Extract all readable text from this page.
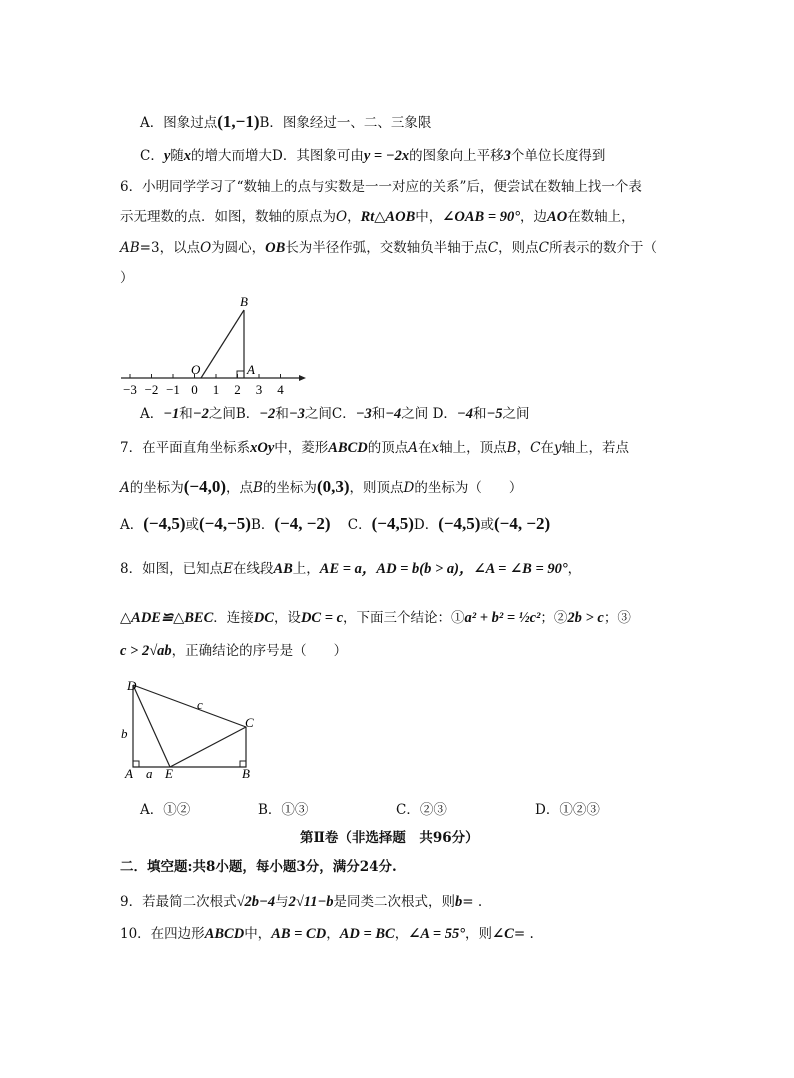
A．图象过点(1,−1)B．图象经过一、二、三象限
C．y随x的增大而增大D．其图象可由y = −2x的图象向上平移3个单位长度得到
6．小明同学学习了“数轴上的点与实数是一一对应的关系”后，便尝试在数轴上找一个表
示无理数的点．如图，数轴的原点为O，Rt△AOB中，∠OAB = 90°，边AO在数轴上，
AB=3，以点O为圆心，OB长为半径作弧，交数轴负半轴于点C，则点C所表示的数介于（
）
B
O	A
−3 −2 −1 0 1 2 3 4
A．−1和−2之间B．−2和−3之间C．−3和−4之间 D．−4和−5之间
7．在平面直角坐标系xOy中，菱形ABCD的顶点A在x轴上，顶点B，C在y轴上，若点
A的坐标为(−4,0)，点B的坐标为(0,3)，则顶点D的坐标为（　　）
A．(−4,5)或(−4,−5)B．(−4, −2) C．(−4,5)D．(−4,5)或(−4, −2)
8．如图，已知点E在线段AB上，AE = a，AD = b(b > a)，∠A = ∠B = 90°，
△ADE≌△BEC．连接DC，设DC = c，下面三个结论：①a² + b² = ½c²；②2b > c；③
c > 2√ab，正确结论的序号是（　　）
D
C
A E	B
a
b
c
A．①②	B．①③	C．②③	D．①②③
第Ⅱ卷（非选择题　共96分）
二．填空题:共8小题，每小题3分，满分24分.
9．若最简二次根式√2b−4与2√11−b是同类二次根式，则b= .
10．在四边形ABCD中，AB = CD，AD = BC，∠A = 55°，则∠C= .
